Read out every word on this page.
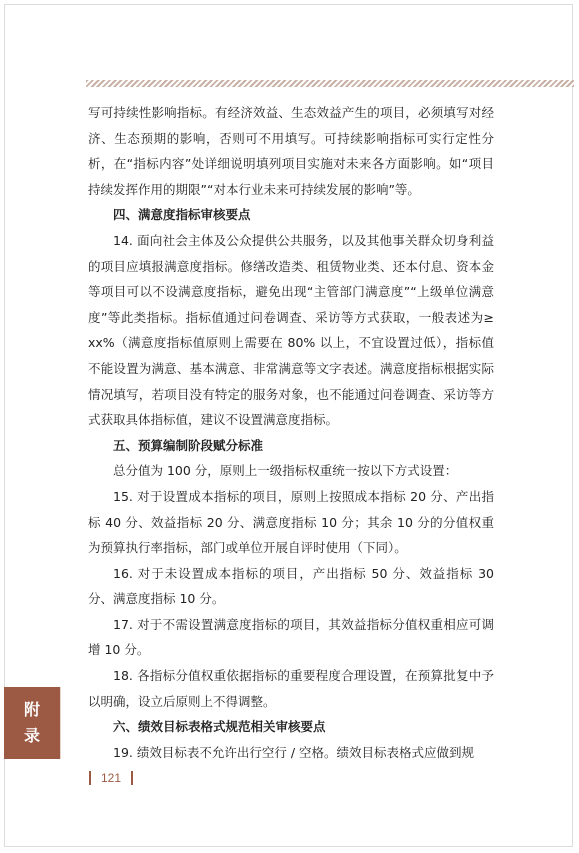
写可持续性影响指标。有经济效益、生态效益产生的项目，必须填写对经济、生态预期的影响，否则可不用填写。可持续影响指标可实行定性分析，在“指标内容”处详细说明填列项目实施对未来各方面影响。如“项目持续发挥作用的期限”“对本行业未来可持续发展的影响”等。

四、满意度指标审核要点

14. 面向社会主体及公众提供公共服务，以及其他事关群众切身利益的项目应填报满意度指标。修缮改造类、租赁物业类、还本付息、资本金等项目可以不设满意度指标，避免出现“主管部门满意度”“上级单位满意度”等此类指标。指标值通过问卷调查、采访等方式获取，一般表述为≥ xx%（满意度指标值原则上需要在 80% 以上，不宜设置过低），指标值不能设置为满意、基本满意、非常满意等文字表述。满意度指标根据实际情况填写，若项目没有特定的服务对象，也不能通过问卷调查、采访等方式获取具体指标值，建议不设置满意度指标。

五、预算编制阶段赋分标准

总分值为 100 分，原则上一级指标权重统一按以下方式设置：

15. 对于设置成本指标的项目，原则上按照成本指标 20 分、产出指标 40 分、效益指标 20 分、满意度指标 10 分；其余 10 分的分值权重为预算执行率指标，部门或单位开展自评时使用（下同）。

16. 对于未设置成本指标的项目，产出指标 50 分、效益指标 30 分、满意度指标 10 分。

17. 对于不需设置满意度指标的项目，其效益指标分值权重相应可调增 10 分。

18. 各指标分值权重依据指标的重要程度合理设置，在预算批复中予以明确，设立后原则上不得调整。

六、绩效目标表格式规范相关审核要点

19. 绩效目标表不允许出行空行 / 空格。绩效目标表格式应做到规

附
录
121
